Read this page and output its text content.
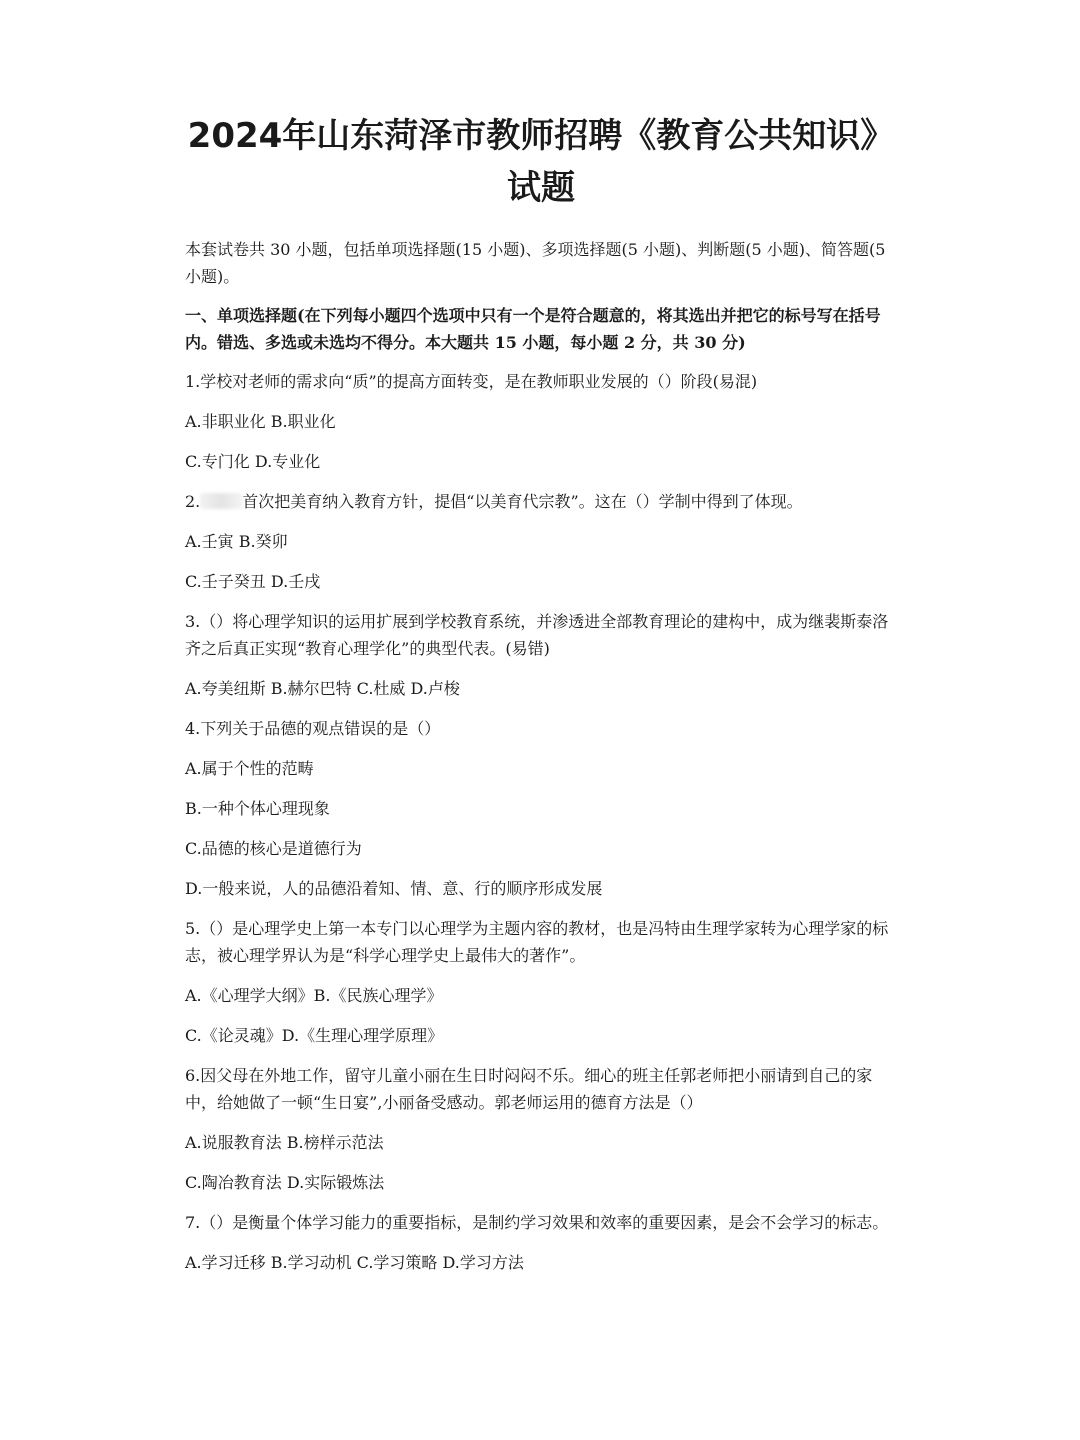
2024年山东菏泽市教师招聘《教育公共知识》
试题
本套试卷共 30 小题，包括单项选择题(15 小题)、多项选择题(5 小题)、判断题(5 小题)、简答题(5 小题)。
一、单项选择题(在下列每小题四个选项中只有一个是符合题意的，将其选出并把它的标号写在括号内。错选、多选或未选均不得分。本大题共 15 小题，每小题 2 分，共 30 分)
1.学校对老师的需求向“质”的提高方面转变，是在教师职业发展的（）阶段(易混)
A.非职业化 B.职业化
C.专门化 D.专业化
2.	首次把美育纳入教育方针，提倡“以美育代宗教”。这在（）学制中得到了体现。
A.壬寅 B.癸卯
C.壬子癸丑 D.壬戌
3.（）将心理学知识的运用扩展到学校教育系统，并渗透进全部教育理论的建构中，成为继裴斯泰洛齐之后真正实现“教育心理学化”的典型代表。(易错)
A.夸美纽斯 B.赫尔巴特 C.杜威 D.卢梭
4.下列关于品德的观点错误的是（）
A.属于个性的范畴
B.一种个体心理现象
C.品德的核心是道德行为
D.一般来说，人的品德沿着知、情、意、行的顺序形成发展
5.（）是心理学史上第一本专门以心理学为主题内容的教材，也是冯特由生理学家转为心理学家的标志，被心理学界认为是“科学心理学史上最伟大的著作”。
A.《心理学大纲》B.《民族心理学》
C.《论灵魂》D.《生理心理学原理》
6.因父母在外地工作，留守儿童小丽在生日时闷闷不乐。细心的班主任郭老师把小丽请到自己的家中，给她做了一顿“生日宴”,小丽备受感动。郭老师运用的德育方法是（）
A.说服教育法 B.榜样示范法
C.陶冶教育法 D.实际锻炼法
7.（）是衡量个体学习能力的重要指标，是制约学习效果和效率的重要因素，是会不会学习的标志。
A.学习迁移 B.学习动机 C.学习策略 D.学习方法
